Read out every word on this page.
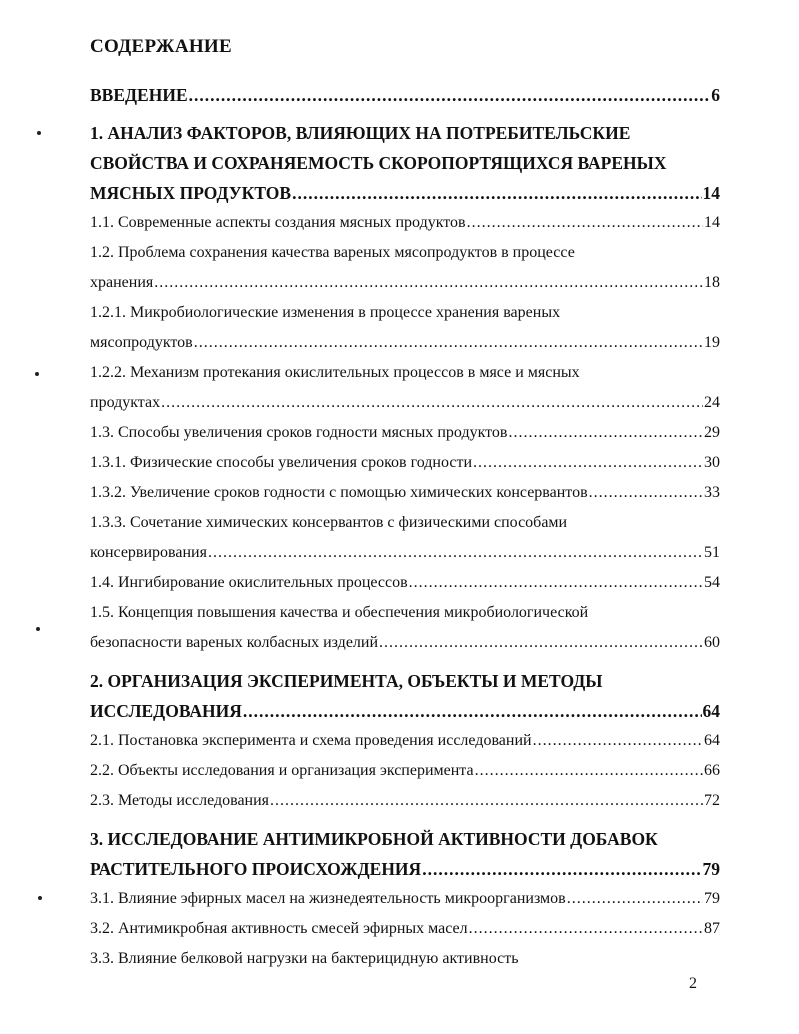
СОДЕРЖАНИЕ
ВВЕДЕНИЕ .....	6
1. АНАЛИЗ ФАКТОРОВ, ВЛИЯЮЩИХ НА ПОТРЕБИТЕЛЬСКИЕ
СВОЙСТВА И СОХРАНЯЕМОСТЬ СКОРОПОРТЯЩИХСЯ ВАРЕНЫХ
МЯСНЫХ ПРОДУКТОВ .....	14
1.1. Современные аспекты создания мясных продуктов .....	14
1.2. Проблема сохранения качества вареных мясопродуктов в процессе
хранения .....	18
1.2.1. Микробиологические изменения в процессе хранения вареных
мясопродуктов .....	19
1.2.2. Механизм протекания окислительных процессов в мясе и мясных
продуктах .....	24
1.3. Способы увеличения сроков годности мясных продуктов .....	29
1.3.1. Физические способы увеличения сроков годности .....	30
1.3.2. Увеличение сроков годности с помощью химических консервантов .....	33
1.3.3. Сочетание химических консервантов с физическими способами
консервирования .....	51
1.4. Ингибирование окислительных процессов .....	54
1.5. Концепция повышения качества и обеспечения микробиологической
безопасности вареных колбасных изделий .....	60
2. ОРГАНИЗАЦИЯ ЭКСПЕРИМЕНТА, ОБЪЕКТЫ И МЕТОДЫ
ИССЛЕДОВАНИЯ .....	64
2.1. Постановка эксперимента и схема проведения исследований .....	64
2.2. Объекты исследования и организация эксперимента .....	66
2.3. Методы исследования .....	72
3. ИССЛЕДОВАНИЕ АНТИМИКРОБНОЙ АКТИВНОСТИ ДОБАВОК
РАСТИТЕЛЬНОГО ПРОИСХОЖДЕНИЯ .....	79
3.1. Влияние эфирных масел на жизнедеятельность микроорганизмов .....	79
3.2. Антимикробная активность смесей эфирных масел .....	87
3.3. Влияние белковой нагрузки на бактерицидную активность
2
